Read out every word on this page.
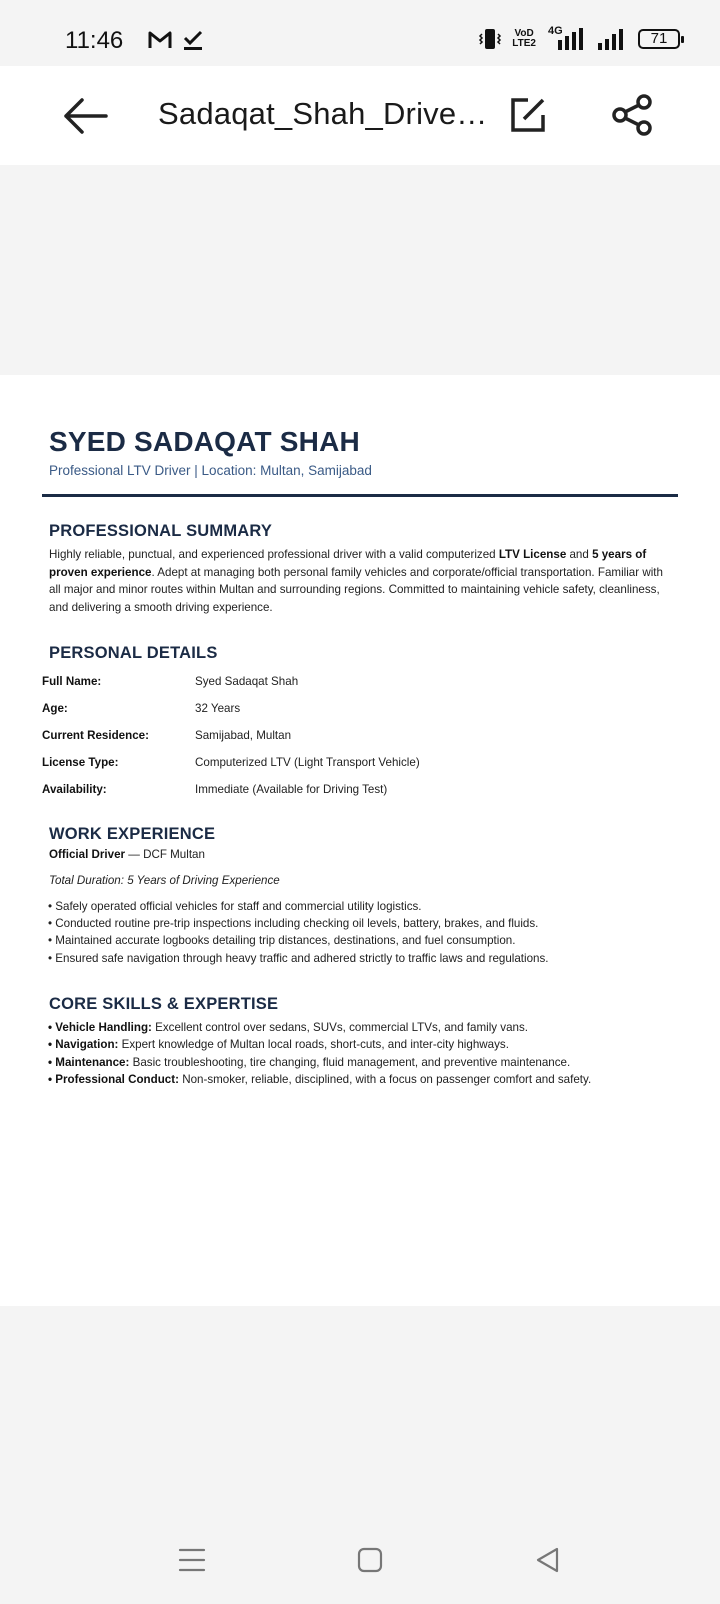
11:46	VoD
LTE2
4G	71
Sadaqat_Shah_Drive…
SYED SADAQAT SHAH
Professional LTV Driver | Location: Multan, Samijabad
PROFESSIONAL SUMMARY
Highly reliable, punctual, and experienced professional driver with a valid computerized LTV License and 5 years of proven experience. Adept at managing both personal family vehicles and corporate/official transportation. Familiar with all major and minor routes within Multan and surrounding regions. Committed to maintaining vehicle safety, cleanliness, and delivering a smooth driving experience.
PERSONAL DETAILS
Full Name:	Syed Sadaqat Shah
Age:	32 Years
Current Residence:	Samijabad, Multan
License Type:	Computerized LTV (Light Transport Vehicle)
Availability:	Immediate (Available for Driving Test)
WORK EXPERIENCE
Official Driver — DCF Multan
Total Duration: 5 Years of Driving Experience
• Safely operated official vehicles for staff and commercial utility logistics.
• Conducted routine pre-trip inspections including checking oil levels, battery, brakes, and fluids.
• Maintained accurate logbooks detailing trip distances, destinations, and fuel consumption.
• Ensured safe navigation through heavy traffic and adhered strictly to traffic laws and regulations.
CORE SKILLS & EXPERTISE
• Vehicle Handling: Excellent control over sedans, SUVs, commercial LTVs, and family vans.
• Navigation: Expert knowledge of Multan local roads, short-cuts, and inter-city highways.
• Maintenance: Basic troubleshooting, tire changing, fluid management, and preventive maintenance.
• Professional Conduct: Non-smoker, reliable, disciplined, with a focus on passenger comfort and safety.
